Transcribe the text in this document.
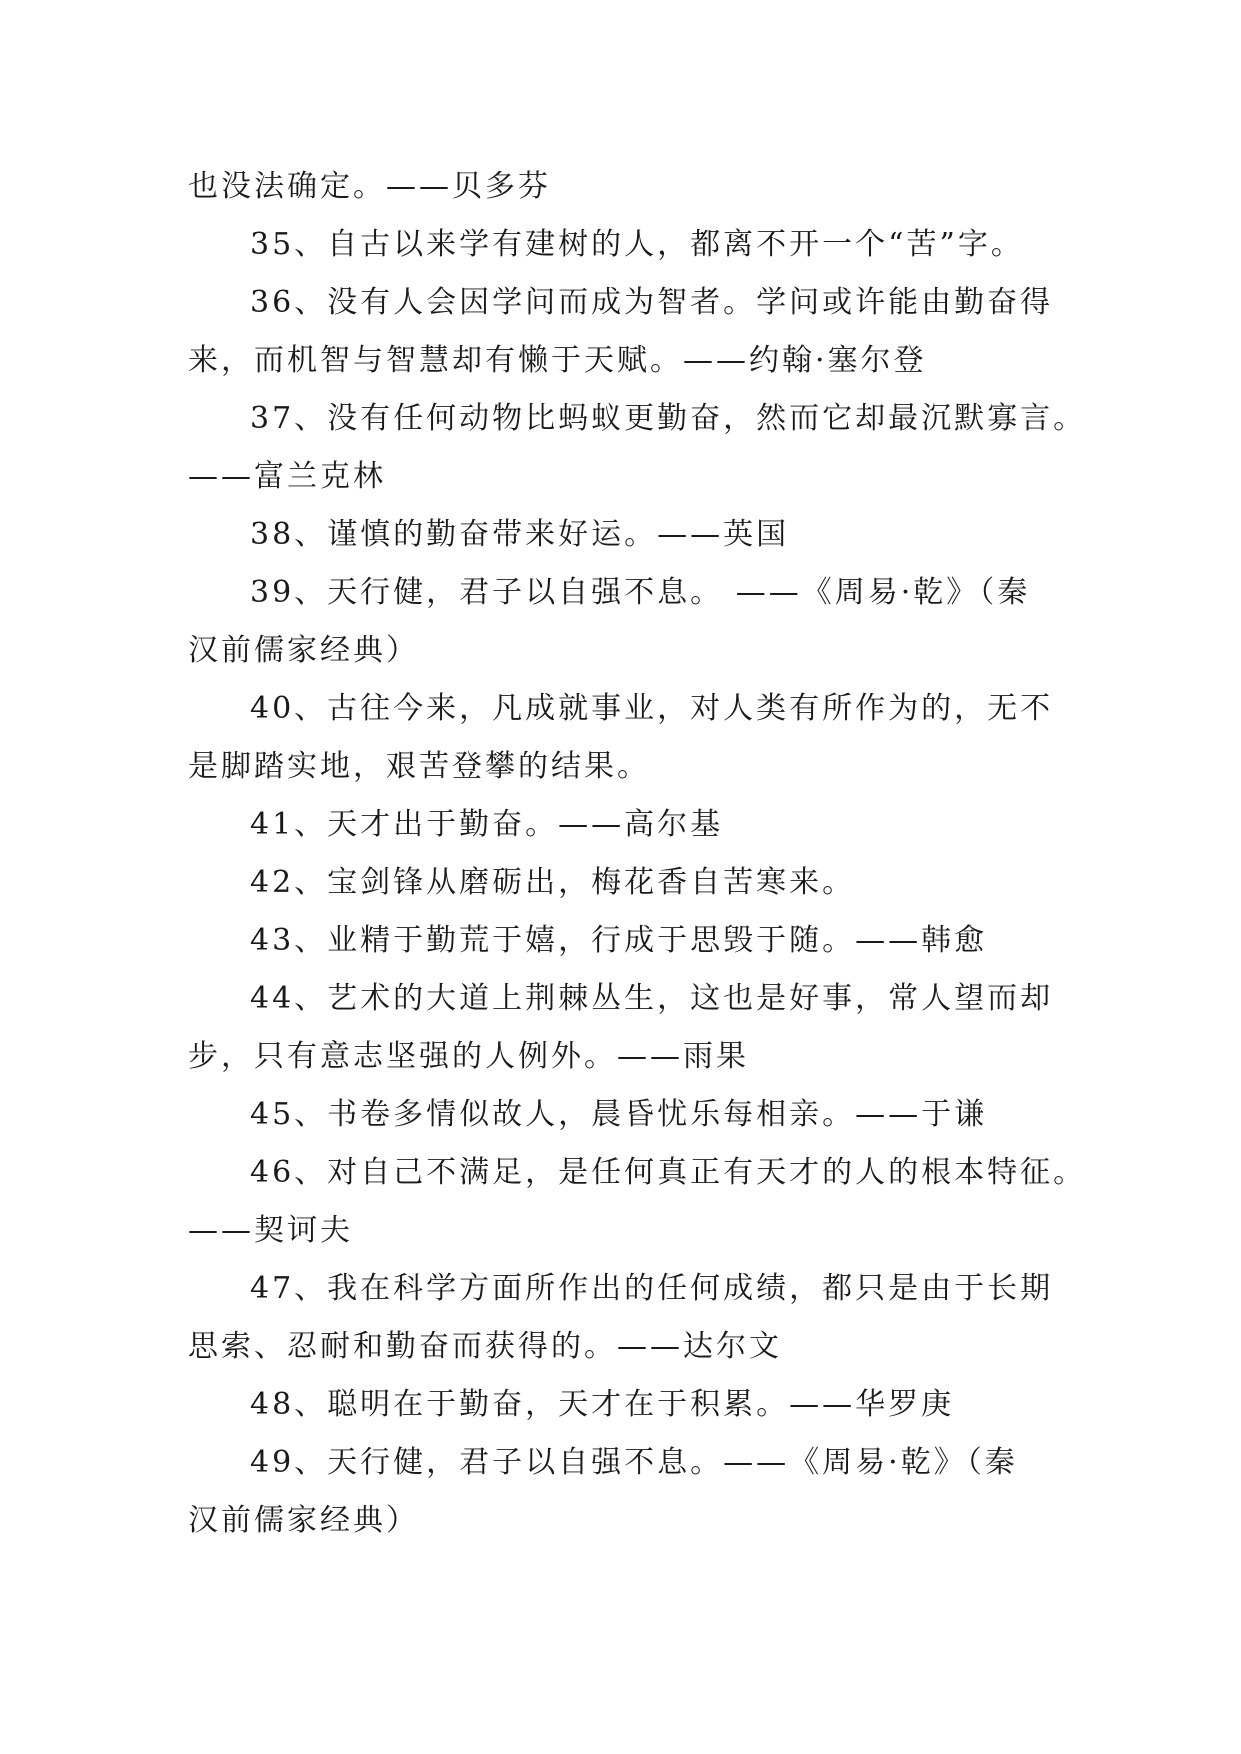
也没法确定。——贝多芬
35、自古以来学有建树的人，都离不开一个“苦”字。
36、没有人会因学问而成为智者。学问或许能由勤奋得
来，而机智与智慧却有懒于天赋。——约翰·塞尔登
37、没有任何动物比蚂蚁更勤奋，然而它却最沉默寡言。
——富兰克林
38、谨慎的勤奋带来好运。——英国
39、天行健，君子以自强不息。 ——《周易·乾》（秦
汉前儒家经典）
40、古往今来，凡成就事业，对人类有所作为的，无不
是脚踏实地，艰苦登攀的结果。
41、天才出于勤奋。——高尔基
42、宝剑锋从磨砺出，梅花香自苦寒来。
43、业精于勤荒于嬉，行成于思毁于随。——韩愈
44、艺术的大道上荆棘丛生，这也是好事，常人望而却
步，只有意志坚强的人例外。——雨果
45、书卷多情似故人，晨昏忧乐每相亲。——于谦
46、对自己不满足，是任何真正有天才的人的根本特征。
——契诃夫
47、我在科学方面所作出的任何成绩，都只是由于长期
思索、忍耐和勤奋而获得的。——达尔文
48、聪明在于勤奋，天才在于积累。——华罗庚
49、天行健，君子以自强不息。——《周易·乾》（秦
汉前儒家经典）
